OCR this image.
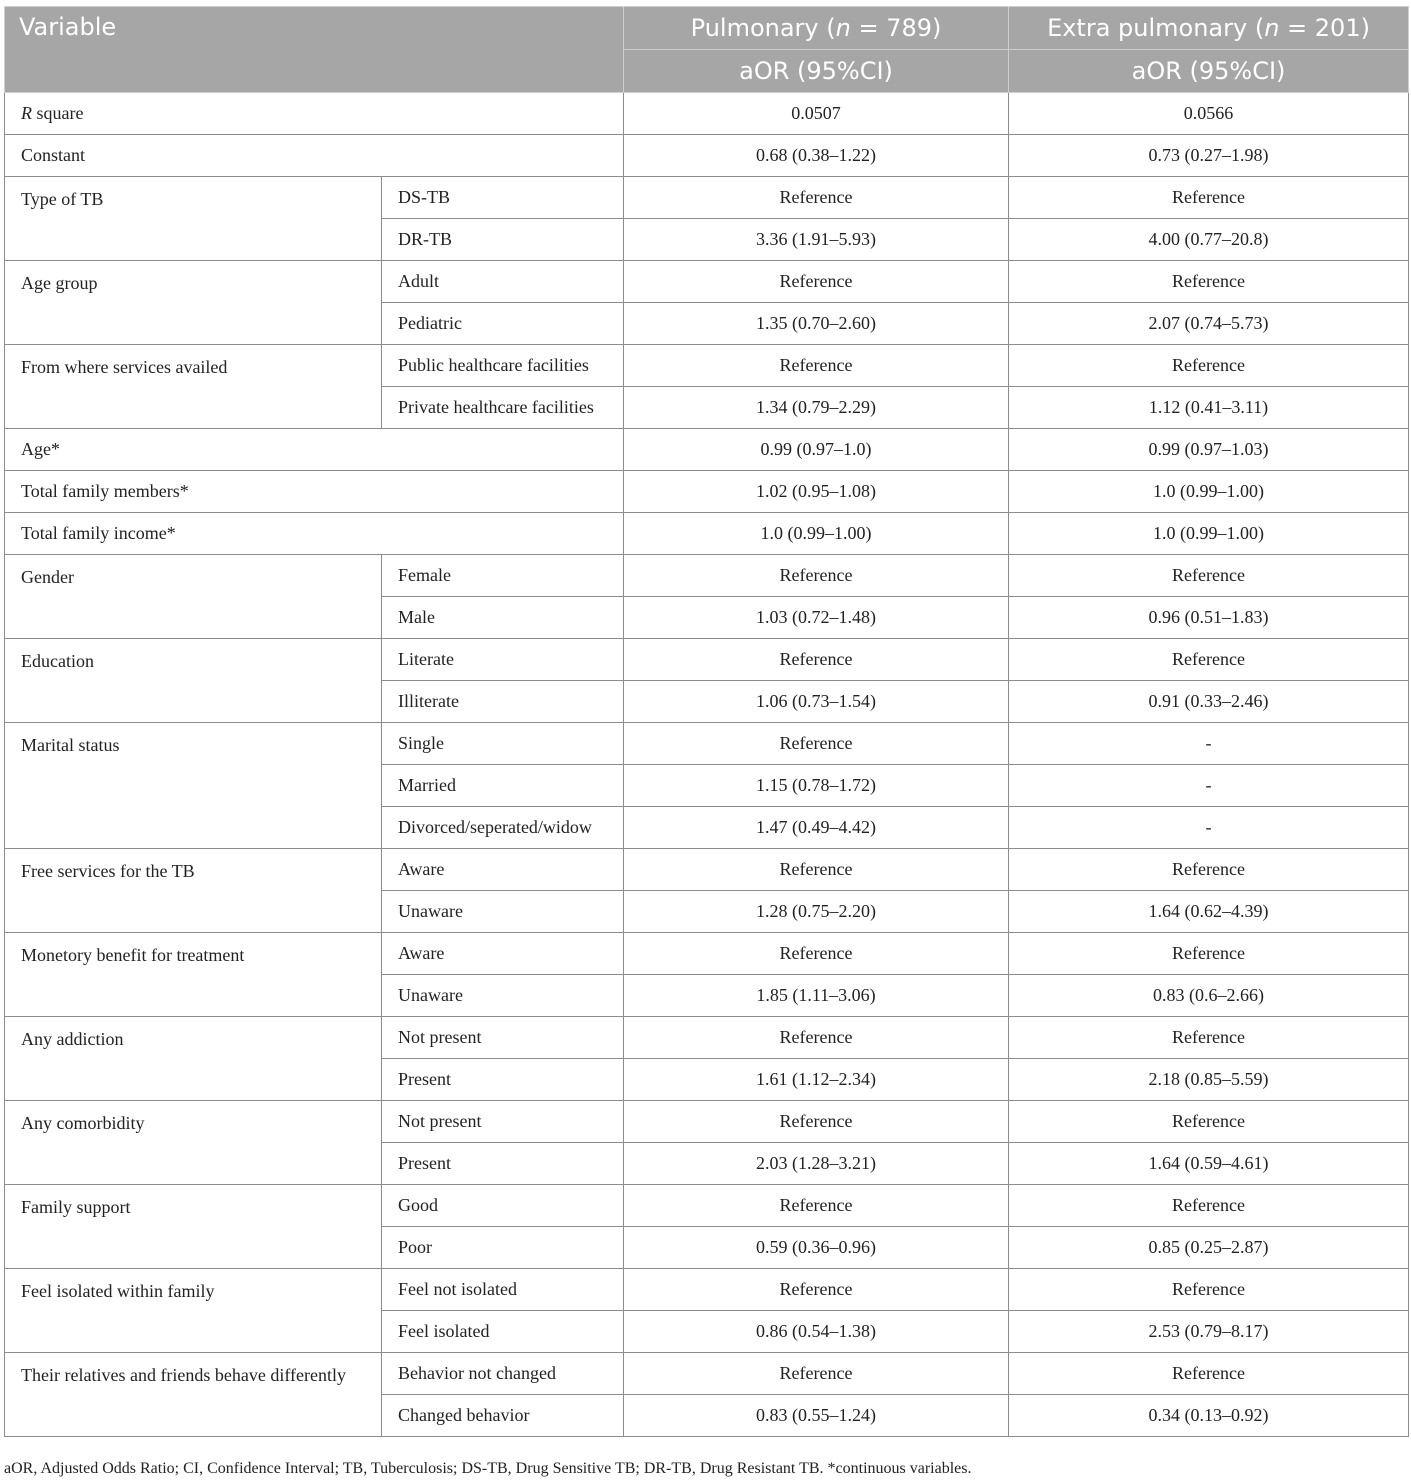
Variable		Pulmonary (n = 789)	Extra pulmonary (n = 201)
		aOR (95%CI)	aOR (95%CI)
R square		0.0507	0.0566
Constant		0.68 (0.38–1.22)	0.73 (0.27–1.98)
Type of TB	DS-TB	Reference	Reference
	DR-TB	3.36 (1.91–5.93)	4.00 (0.77–20.8)
Age group	Adult	Reference	Reference
	Pediatric	1.35 (0.70–2.60)	2.07 (0.74–5.73)
From where services availed	Public healthcare facilities	Reference	Reference
	Private healthcare facilities	1.34 (0.79–2.29)	1.12 (0.41–3.11)
Age*		0.99 (0.97–1.0)	0.99 (0.97–1.03)
Total family members*		1.02 (0.95–1.08)	1.0 (0.99–1.00)
Total family income*		1.0 (0.99–1.00)	1.0 (0.99–1.00)
Gender	Female	Reference	Reference
	Male	1.03 (0.72–1.48)	0.96 (0.51–1.83)
Education	Literate	Reference	Reference
	Illiterate	1.06 (0.73–1.54)	0.91 (0.33–2.46)
Marital status	Single	Reference	-
	Married	1.15 (0.78–1.72)	-
	Divorced/seperated/widow	1.47 (0.49–4.42)	-
Free services for the TB	Aware	Reference	Reference
	Unaware	1.28 (0.75–2.20)	1.64 (0.62–4.39)
Monetory benefit for treatment	Aware	Reference	Reference
	Unaware	1.85 (1.11–3.06)	0.83 (0.6–2.66)
Any addiction	Not present	Reference	Reference
	Present	1.61 (1.12–2.34)	2.18 (0.85–5.59)
Any comorbidity	Not present	Reference	Reference
	Present	2.03 (1.28–3.21)	1.64 (0.59–4.61)
Family support	Good	Reference	Reference
	Poor	0.59 (0.36–0.96)	0.85 (0.25–2.87)
Feel isolated within family	Feel not isolated	Reference	Reference
	Feel isolated	0.86 (0.54–1.38)	2.53 (0.79–8.17)
Their relatives and friends behave differently	Behavior not changed	Reference	Reference
	Changed behavior	0.83 (0.55–1.24)	0.34 (0.13–0.92)
aOR, Adjusted Odds Ratio; CI, Confidence Interval; TB, Tuberculosis; DS-TB, Drug Sensitive TB; DR-TB, Drug Resistant TB. *continuous variables.
